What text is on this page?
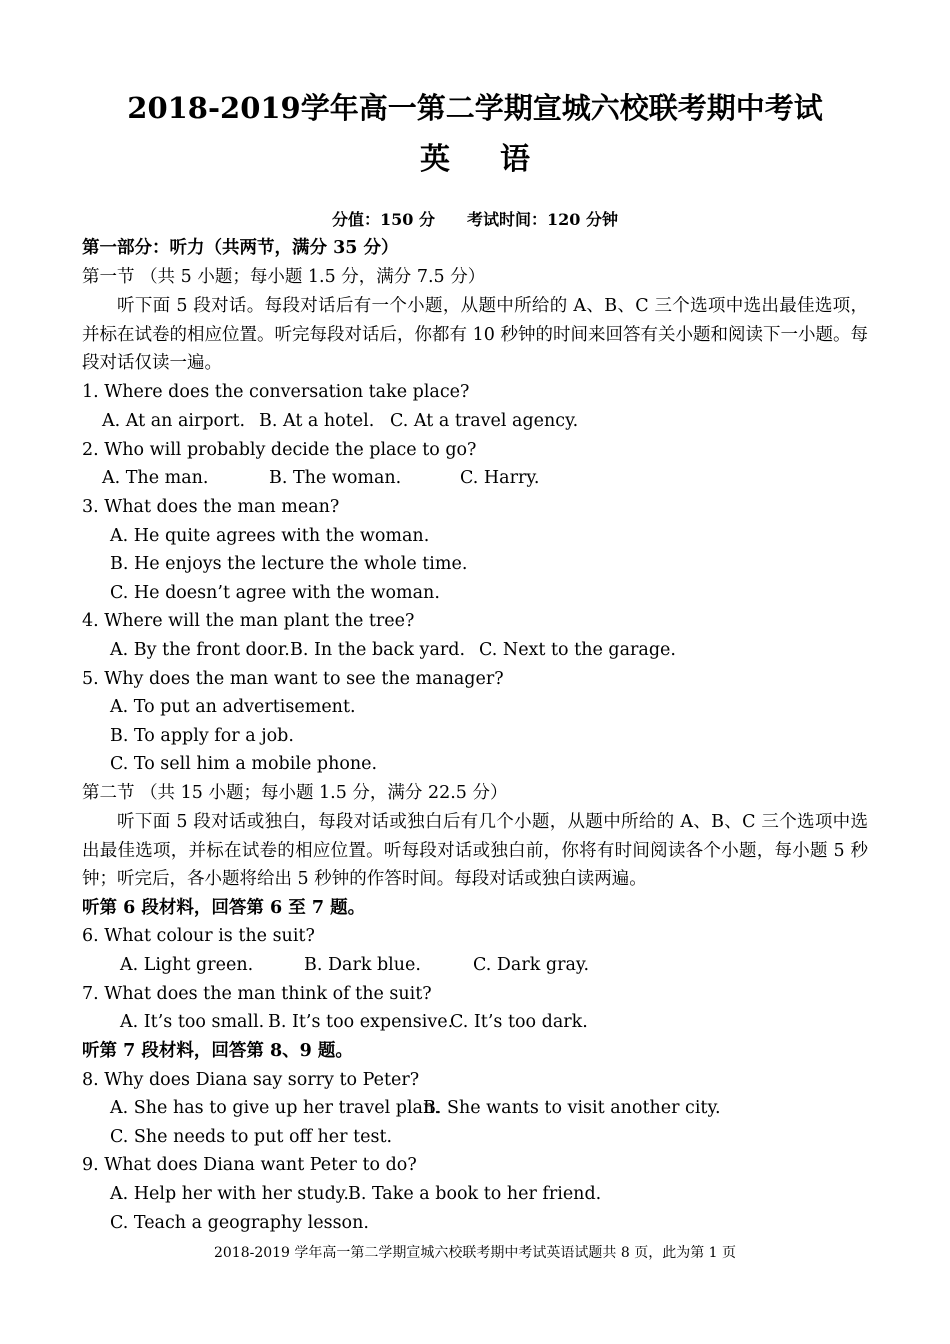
2018-2019学年高一第二学期宣城六校联考期中考试
英 语
分值：150 分 考试时间：120 分钟
第一部分：听力（共两节，满分 35 分）
第一节 （共 5 小题；每小题 1.5 分，满分 7.5 分）
听下面 5 段对话。每段对话后有一个小题，从题中所给的 A、B、C 三个选项中选出最佳选项，并标在试卷的相应位置。听完每段对话后，你都有 10 秒钟的时间来回答有关小题和阅读下一小题。每段对话仅读一遍。
1. Where does the conversation take place?
A. At an airport. B. At a hotel. C. At a travel agency.
2. Who will probably decide the place to go?
A. The man.	B. The woman.	C. Harry.
3. What does the man mean?
A. He quite agrees with the woman.
B. He enjoys the lecture the whole time.
C. He doesn’t agree with the woman.
4. Where will the man plant the tree?
A. By the front door. B. In the back yard. C. Next to the garage.
5. Why does the man want to see the manager?
A. To put an advertisement.
B. To apply for a job.
C. To sell him a mobile phone.
第二节 （共 15 小题；每小题 1.5 分，满分 22.5 分）
听下面 5 段对话或独白，每段对话或独白后有几个小题，从题中所给的 A、B、C 三个选项中选出最佳选项，并标在试卷的相应位置。听每段对话或独白前，你将有时间阅读各个小题，每小题 5 秒钟；听完后，各小题将给出 5 秒钟的作答时间。每段对话或独白读两遍。
听第 6 段材料，回答第 6 至 7 题。
6. What colour is the suit?
A. Light green.	B. Dark blue.	C. Dark gray.
7. What does the man think of the suit?
A. It’s too small. B. It’s too expensive.
C. It’s too dark.
听第 7 段材料，回答第 8、9 题。
8. Why does Diana say sorry to Peter?
A. She has to give up her travel plan.
B. She wants to visit another city.
C. She needs to put off her test.
9. What does Diana want Peter to do?
A. Help her with her study. B. Take a book to her friend.
C. Teach a geography lesson.
2018-2019 学年高一第二学期宣城六校联考期中考试英语试题共 8 页，此为第 1 页
